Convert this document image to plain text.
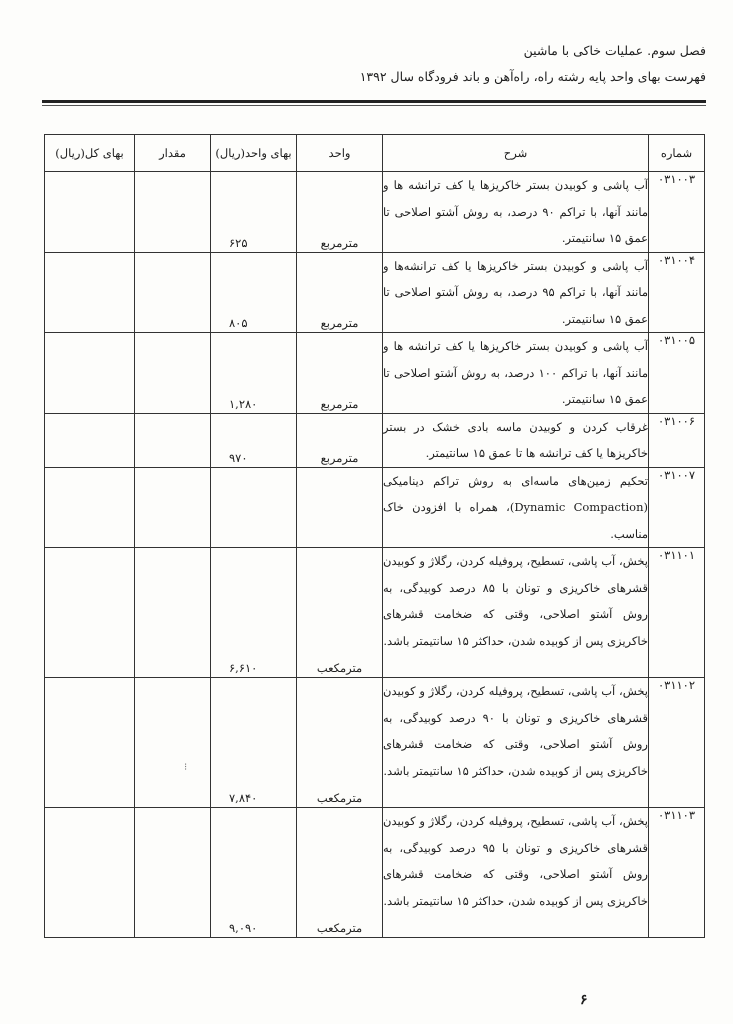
فصل سوم. عملیات خاکی با ماشین
فهرست بهای واحد پایه رشته راه، راه‌آهن و باند فرودگاه سال ۱۳۹۲
شماره	شرح	واحد	بهای واحد(ریال)	مقدار	بهای کل(ریال)
۰۳۱۰۰۳	آب پاشی و کوبیدن بستر خاکریزها یا کف ترانشه ها و مانند آنها، با تراکم ۹۰ درصد، به روش آشتو اصلاحی تا عمق ۱۵ سانتیمتر.	مترمربع	۶۲۵		

۰۳۱۰۰۴	آب پاشی و کوبیدن بستر خاکریزها یا کف ترانشه‌ها و مانند آنها، با تراکم ۹۵ درصد، به روش آشتو اصلاحی تا عمق ۱۵ سانتیمتر.	مترمربع	۸۰۵		

۰۳۱۰۰۵	آب پاشی و کوبیدن بستر خاکریزها یا کف ترانشه ها و مانند آنها، با تراکم ۱۰۰ درصد، به روش آشتو اصلاحی تا عمق ۱۵ سانتیمتر.	مترمربع	۱,۲۸۰		

۰۳۱۰۰۶	غرقاب کردن و کوبیدن ماسه بادی خشک در بستر خاکریزها یا کف ترانشه ها تا عمق ۱۵ سانتیمتر.	مترمربع	۹۷۰		

۰۳۱۰۰۷	تحکیم زمین‌های ماسه‌ای به روش تراکم دینامیکی (Dynamic Compaction)، همراه با افزودن خاک مناسب.	

۰۳۱۱۰۱	پخش، آب پاشی، تسطیح، پروفیله کردن، رگلاژ و کوبیدن قشرهای خاکریزی و تونان با ۸۵ درصد کوبیدگی، به روش آشتو اصلاحی، وقتی که ضخامت قشرهای خاکریزی پس از کوبیده شدن، حداکثر ۱۵ سانتیمتر باشد.	مترمکعب	۶,۶۱۰		

۰۳۱۱۰۲	پخش، آب پاشی، تسطیح، پروفیله کردن، رگلاژ و کوبیدن قشرهای خاکریزی و تونان با ۹۰ درصد کوبیدگی، به روش آشتو اصلاحی، وقتی که ضخامت قشرهای خاکریزی پس از کوبیده شدن، حداکثر ۱۵ سانتیمتر باشد.	مترمکعب	۷,۸۴۰		

۰۳۱۱۰۳	پخش، آب پاشی، تسطیح، پروفیله کردن، رگلاژ و کوبیدن قشرهای خاکریزی و تونان با ۹۵ درصد کوبیدگی، به روش آشتو اصلاحی، وقتی که ضخامت قشرهای خاکریزی پس از کوبیده شدن، حداکثر ۱۵ سانتیمتر باشد.	مترمکعب	۹,۰۹۰		

⁝
۶
